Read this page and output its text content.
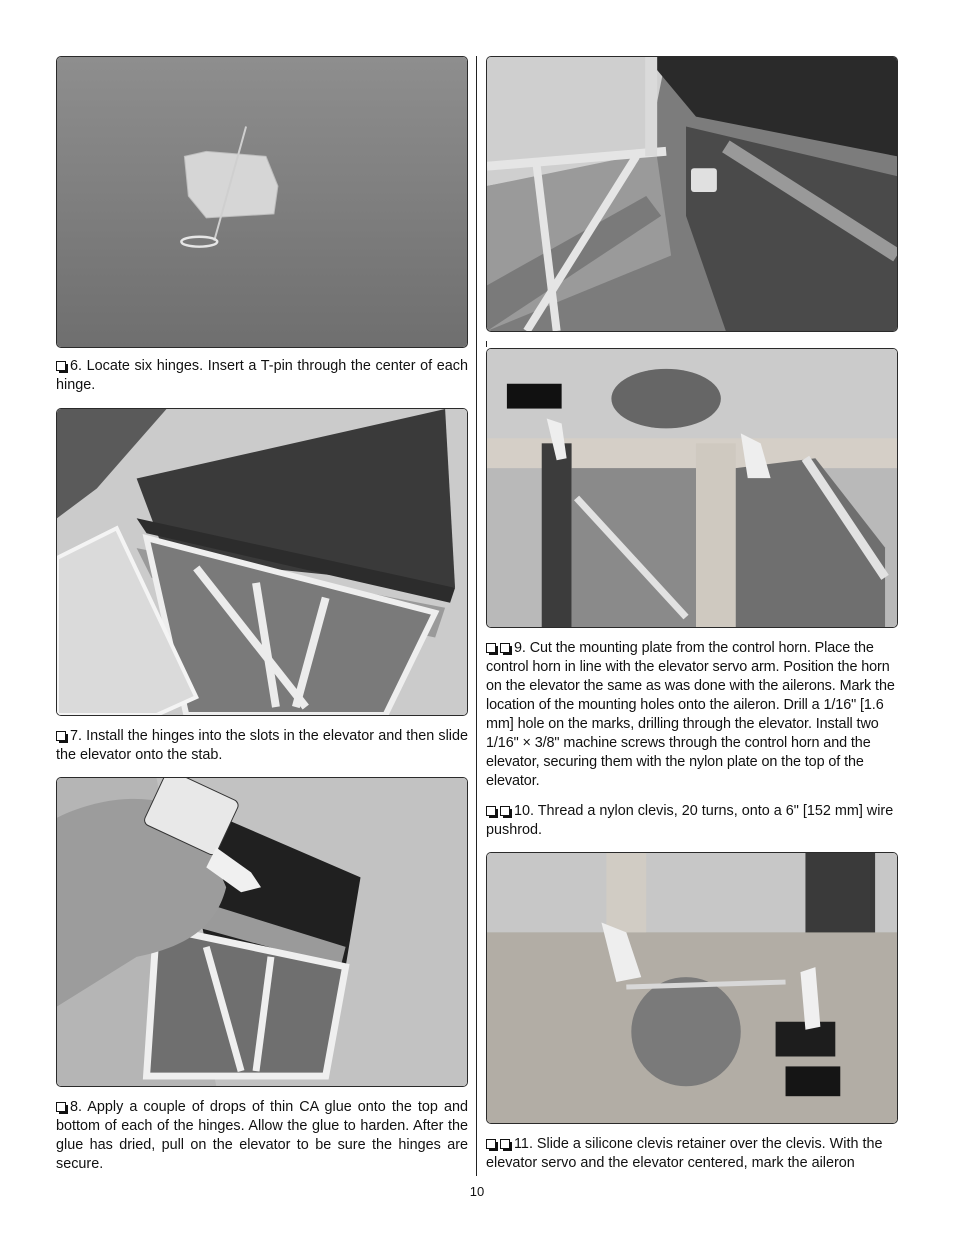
6. Locate six hinges. Insert a T-pin through the center of each hinge.

7. Install the hinges into the slots in the elevator and then slide the elevator onto the stab.

8. Apply a couple of drops of thin CA glue onto the top and bottom of each of the hinges. Allow the glue to harden. After the glue has dried, pull on the elevator to be sure the hinges are secure.

9. Cut the mounting plate from the control horn. Place the control horn in line with the elevator servo arm. Position the horn on the elevator the same as was done with the ailerons. Mark the location of the mounting holes onto the aileron. Drill a 1/16" [1.6 mm] hole on the marks, drilling through the elevator. Install two 1/16" × 3/8" machine screws through the control horn and the elevator, securing them with the nylon plate on the top of the elevator.

10. Thread a nylon clevis, 20 turns, onto a 6" [152 mm] wire pushrod.

11. Slide a silicone clevis retainer over the clevis. With the elevator servo and the elevator centered, mark the aileron

10
